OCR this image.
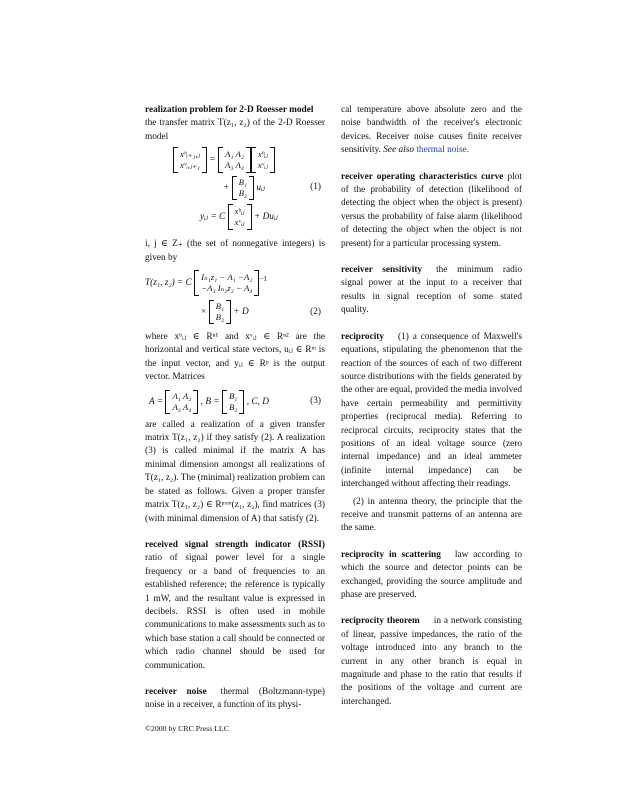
realization problem for 2-D Roesser model
the transfer matrix T(z₁, z₂) of the 2-D Roesser model

xʰᵢ₊₁,ⱼ
xᵛᵢ,ⱼ₊₁ = A₁ A₂
A₃ A₄xʰᵢⱼ
xᵛᵢⱼ
+ B₁
B₂ uᵢⱼ	(1)
yᵢⱼ = C xʰᵢⱼ
xᵛᵢⱼ + Duᵢⱼ

i, j ∈ Z₊ (the set of nonnegative integers) is given by

T(z₁, z₂) = C Iₙ₁z₁ − A₁ −A₂
−A₃ Iₙ₂z₂ − A₄$^{-1}$
× B₁
B₂ + D	(2)

where xʰᵢⱼ ∈ Rⁿ¹ and xᵛᵢⱼ ∈ Rⁿ² are the horizontal and vertical state vectors, uᵢⱼ ∈ Rᵐ is the input vector, and yᵢⱼ ∈ Rᵖ is the output vector. Matrices

A = A₁ A₂
A₃ A₄ , B = B₁
B₂ , C, D	(3)

are called a realization of a given transfer matrix T(z₁, z₂) if they satisfy (2). A realization (3) is called minimal if the matrix A has minimal dimension amongst all realizations of T(z₁, z₂). The (minimal) realization problem can be stated as follows. Given a proper transfer matrix T(z₁, z₂) ∈ Rᵖˣᵐ(z₁, z₂), find matrices (3) (with minimal dimension of A) that satisfy (2).

received signal strength indicator (RSSI) ratio of signal power level for a single frequency or a band of frequencies to an established reference; the reference is typically 1 mW, and the resultant value is expressed in decibels. RSSI is often used in mobile communications to make assessments such as to which base station a call should be connected or which radio channel should be used for communication.

receiver noise thermal (Boltzmann-type) noise in a receiver, a function of its physi-

cal temperature above absolute zero and the noise bandwidth of the receiver's electronic devices. Receiver noise causes finite receiver sensitivity. See also thermal noise.

receiver operating characteristics curve plot of the probability of detection (likelihood of detecting the object when the object is present) versus the probability of false alarm (likelihood of detecting the object when the object is not present) for a particular processing system.

receiver sensitivity the minimum radio signal power at the input to a receiver that results in signal reception of some stated quality.

reciprocity (1) a consequence of Maxwell's equations, stipulating the phenomenon that the reaction of the sources of each of two different source distributions with the fields generated by the other are equal, provided the media involved have certain permeability and permittivity properties (reciprocal media). Referring to reciprocal circuits, reciprocity states that the positions of an ideal voltage source (zero internal impedance) and an ideal ammeter (infinite internal impedance) can be interchanged without affecting their readings.

(2) in antenna theory, the principle that the receive and transmit patterns of an antenna are the same.

reciprocity in scattering law according to which the source and detector points can be exchanged, providing the source amplitude and phase are preserved.

reciprocity theorem in a network consisting of linear, passive impedances, the ratio of the voltage introduced into any branch to the current in any other branch is equal in magnitude and phase to the ratio that results if the positions of the voltage and current are interchanged.

©2000 by CRC Press LLC
